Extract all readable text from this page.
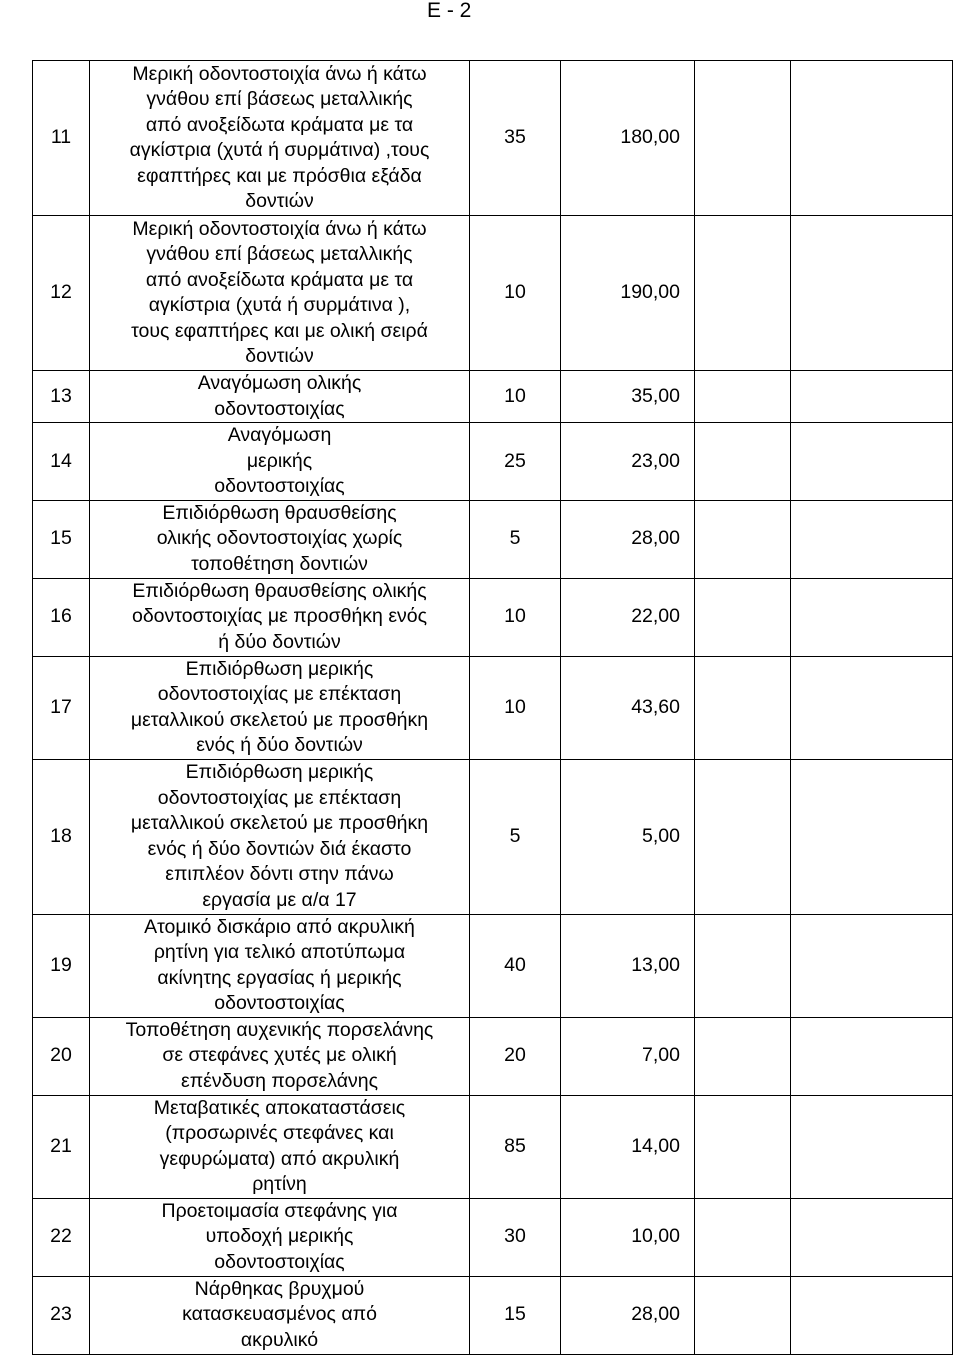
Ε - 2
11	Μερική οδοντοστοιχία άνω ή κάτω γνάθου επί βάσεως μεταλλικής από ανοξείδωτα κράματα με τα αγκίστρια (χυτά ή συρμάτινα) ,τους εφαπτήρες και με πρόσθια εξάδα δοντιών	35	180,00		
12	Μερική οδοντοστοιχία άνω ή κάτω γνάθου επί βάσεως μεταλλικής από ανοξείδωτα κράματα με τα αγκίστρια (χυτά ή συρμάτινα ), τους εφαπτήρες και με ολική σειρά δοντιών	10	190,00		
13	Αναγόμωση ολικής οδοντοστοιχίας	10	35,00		
14	Αναγόμωση μερικής οδοντοστοιχίας	25	23,00		
15	Επιδιόρθωση θραυσθείσης ολικής οδοντοστοιχίας χωρίς τοποθέτηση δοντιών	5	28,00		
16	Επιδιόρθωση θραυσθείσης ολικής οδοντοστοιχίας με προσθήκη ενός ή δύο δοντιών	10	22,00		
17	Επιδιόρθωση μερικής οδοντοστοιχίας με επέκταση μεταλλικού σκελετού με προσθήκη ενός ή δύο δοντιών	10	43,60		
18	Επιδιόρθωση μερικής οδοντοστοιχίας με επέκταση μεταλλικού σκελετού με προσθήκη ενός ή δύο δοντιών διά έκαστο επιπλέον δόντι στην πάνω εργασία με α/α 17	5	5,00		
19	Ατομικό δισκάριο από ακρυλική ρητίνη για τελικό αποτύπωμα ακίνητης εργασίας ή μερικής οδοντοστοιχίας	40	13,00		
20	Τοποθέτηση αυχενικής πορσελάνης σε στεφάνες χυτές με ολική επένδυση πορσελάνης	20	7,00		
21	Μεταβατικές αποκαταστάσεις (προσωρινές στεφάνες και γεφυρώματα) από ακρυλική ρητίνη	85	14,00		
22	Προετοιμασία στεφάνης για υποδοχή μερικής οδοντοστοιχίας	30	10,00		
23	Νάρθηκας βρυχμού κατασκευασμένος από ακρυλικό	15	28,00		
